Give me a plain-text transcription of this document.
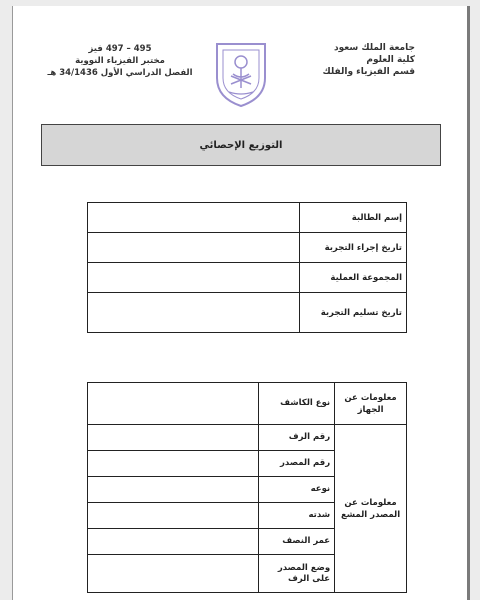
جامعة الملك سعود
كلية العلوم
قسم الفيزياء والفلك
495 – 497 فيز
مختبر الفيزياء النووية
الفصل الدراسي الأول 34/1436 هـ
التوزيع الإحصائي
إسم الطالبة	
تاريخ إجراء التجربة	
المجموعة العملية	
تاريخ تسليم التجربة	
معلومات عن الجهاز	نوع الكاشف	
معلومات عن المصدر المشع	رقم الرف	
	رقم المصدر	
	نوعه	
	شدته	
	عمر النصف	
	وضع المصدر على الرف	
